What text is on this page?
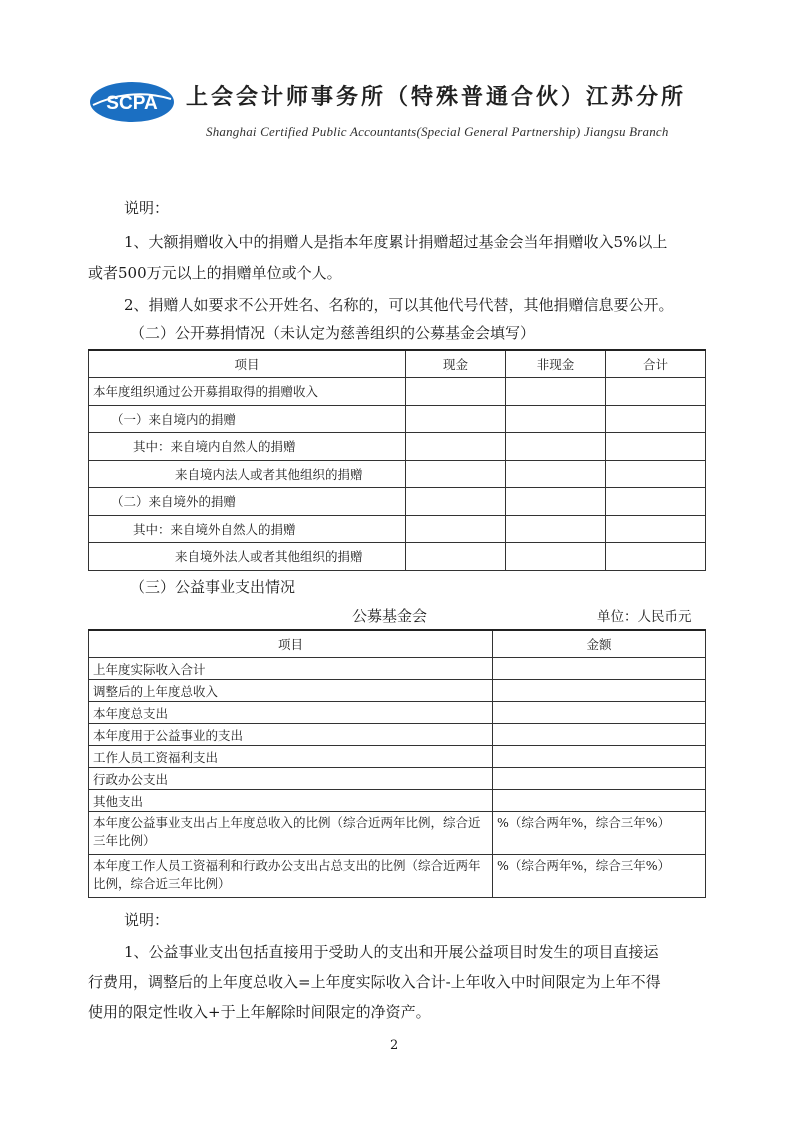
SCPA 上会会计师事务所（特殊普通合伙）江苏分所
Shanghai Certified Public Accountants(Special General Partnership) Jiangsu Branch
说明：
1、大额捐赠收入中的捐赠人是指本年度累计捐赠超过基金会当年捐赠收入5%以上
或者500万元以上的捐赠单位或个人。
2、捐赠人如要求不公开姓名、名称的，可以其他代号代替，其他捐赠信息要公开。
（二）公开募捐情况（未认定为慈善组织的公募基金会填写）
项目	现金	非现金	合计
本年度组织通过公开募捐取得的捐赠收入			
（一）来自境内的捐赠			
其中：来自境内自然人的捐赠			
来自境内法人或者其他组织的捐赠			
（二）来自境外的捐赠			
其中：来自境外自然人的捐赠			
来自境外法人或者其他组织的捐赠			
（三）公益事业支出情况
公募基金会	单位：人民币元
项目	金额
上年度实际收入合计	
调整后的上年度总收入	
本年度总支出	
本年度用于公益事业的支出	
工作人员工资福利支出	
行政办公支出	
其他支出	
本年度公益事业支出占上年度总收入的比例（综合近两年比例，综合近三年比例）	%（综合两年%，综合三年%）
本年度工作人员工资福利和行政办公支出占总支出的比例（综合近两年比例，综合近三年比例）	%（综合两年%，综合三年%）
说明：
1、公益事业支出包括直接用于受助人的支出和开展公益项目时发生的项目直接运
行费用，调整后的上年度总收入=上年度实际收入合计-上年收入中时间限定为上年不得
使用的限定性收入+于上年解除时间限定的净资产。
2
